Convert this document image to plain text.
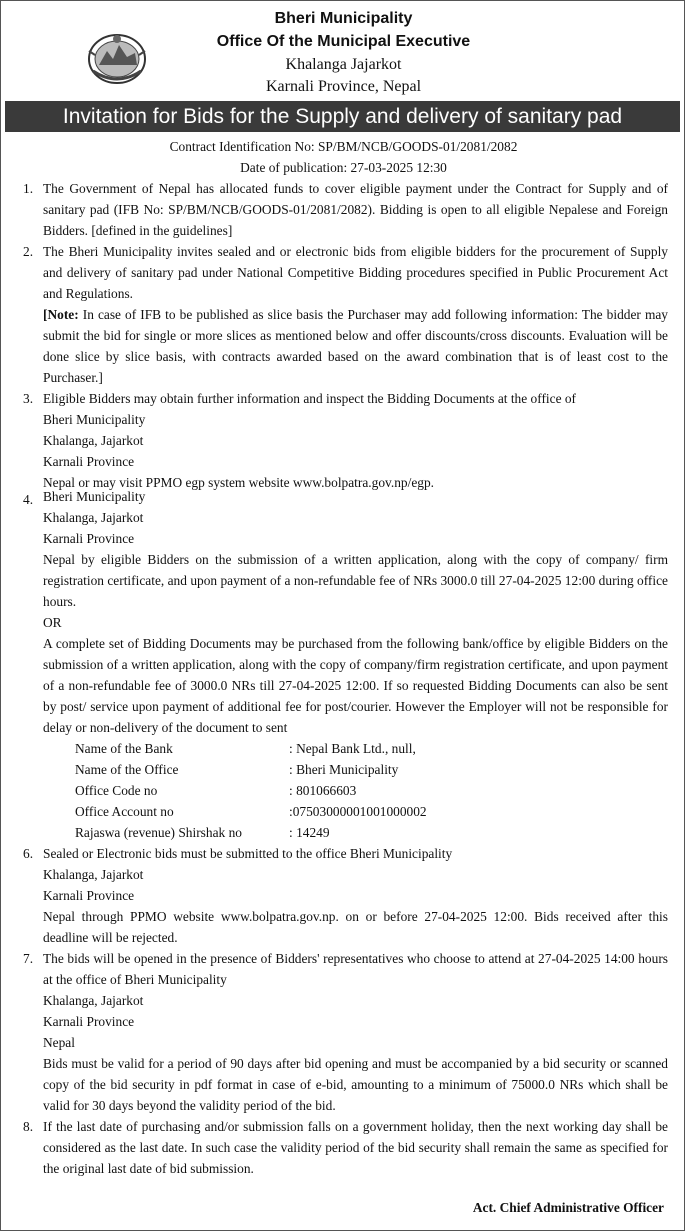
Bheri Municipality
Office Of the Municipal Executive
Khalanga Jajarkot
Karnali Province, Nepal
Invitation for Bids for the Supply and delivery of sanitary pad
Contract Identification No: SP/BM/NCB/GOODS-01/2081/2082
Date of publication: 27-03-2025 12:30
1. The Government of Nepal has allocated funds to cover eligible payment under the Contract for Supply and of sanitary pad (IFB No: SP/BM/NCB/GOODS-01/2081/2082). Bidding is open to all eligible Nepalese and Foreign Bidders. [defined in the guidelines]
2. The Bheri Municipality invites sealed and or electronic bids from eligible bidders for the procurement of Supply and delivery of sanitary pad under National Competitive Bidding procedures specified in Public Procurement Act and Regulations.
[Note: In case of IFB to be published as slice basis the Purchaser may add following information: The bidder may submit the bid for single or more slices as mentioned below and offer discounts/cross discounts. Evaluation will be done slice by slice basis, with contracts awarded based on the award combination that is of least cost to the Purchaser.]
3. Eligible Bidders may obtain further information and inspect the Bidding Documents at the office of
Bheri Municipality
Khalanga, Jajarkot
Karnali Province
Nepal or may visit PPMO egp system website www.bolpatra.gov.np/egp.
4. Bheri Municipality
Khalanga, Jajarkot
Karnali Province
Nepal by eligible Bidders on the submission of a written application, along with the copy of company/ firm registration certificate, and upon payment of a non-refundable fee of NRs 3000.0 till 27-04-2025 12:00 during office hours.
OR
A complete set of Bidding Documents may be purchased from the following bank/office by eligible Bidders on the submission of a written application, along with the copy of company/firm registration certificate, and upon payment of a non-refundable fee of 3000.0 NRs till 27-04-2025 12:00. If so requested Bidding Documents can also be sent by post/ service upon payment of additional fee for post/courier. However the Employer will not be responsible for delay or non-delivery of the document to sent
Name of the Bank	: Nepal Bank Ltd., null,
Name of the Office	: Bheri Municipality
Office Code no	: 801066603
Office Account no	:07503000001001000002
Rajaswa (revenue) Shirshak no	: 14249
6. Sealed or Electronic bids must be submitted to the office Bheri Municipality
Khalanga, Jajarkot
Karnali Province
Nepal through PPMO website www.bolpatra.gov.np. on or before 27-04-2025 12:00. Bids received after this deadline will be rejected.
7. The bids will be opened in the presence of Bidders' representatives who choose to attend at 27-04-2025 14:00 hours at the office of Bheri Municipality
Khalanga, Jajarkot
Karnali Province
Nepal
Bids must be valid for a period of 90 days after bid opening and must be accompanied by a bid security or scanned copy of the bid security in pdf format in case of e-bid, amounting to a minimum of 75000.0 NRs which shall be valid for 30 days beyond the validity period of the bid.
8. If the last date of purchasing and/or submission falls on a government holiday, then the next working day shall be considered as the last date. In such case the validity period of the bid security shall remain the same as specified for the original last date of bid submission.
Act. Chief Administrative Officer
